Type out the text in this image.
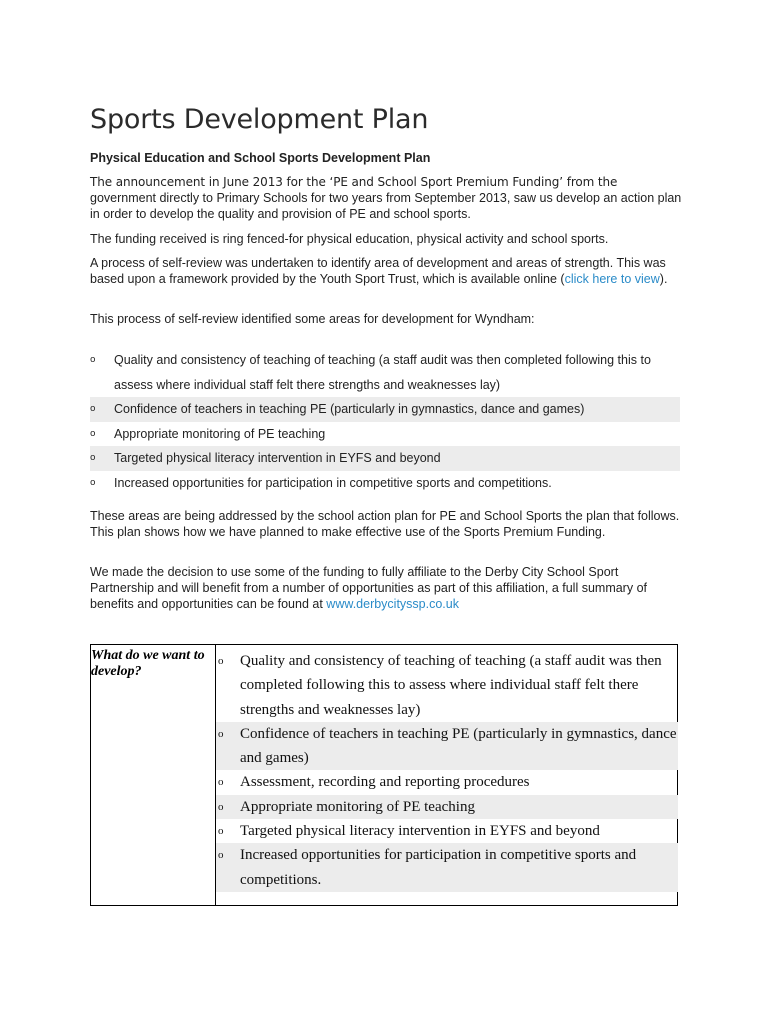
Sports Development Plan
Physical Education and School Sports Development Plan
The announcement in June 2013 for the ‘PE and School Sport Premium Funding’ from the government directly to Primary Schools for two years from September 2013, saw us develop an action plan in order to develop the quality and provision of PE and school sports.
The funding received is ring fenced-for physical education, physical activity and school sports.
A process of self-review was undertaken to identify area of development and areas of strength. This was based upon a framework provided by the Youth Sport Trust, which is available online (click here to view).
This process of self-review identified some areas for development for Wyndham:
o Quality and consistency of teaching of teaching (a staff audit was then completed following this to assess where individual staff felt there strengths and weaknesses lay)
o Confidence of teachers in teaching PE (particularly in gymnastics, dance and games)
o Appropriate monitoring of PE teaching
o Targeted physical literacy intervention in EYFS and beyond
o Increased opportunities for participation in competitive sports and competitions.
These areas are being addressed by the school action plan for PE and School Sports the plan that follows. This plan shows how we have planned to make effective use of the Sports Premium Funding.
We made the decision to use some of the funding to fully affiliate to the Derby City School Sport Partnership and will benefit from a number of opportunities as part of this affiliation, a full summary of benefits and opportunities can be found at www.derbycityssp.co.uk
What do we want to develop?
o Quality and consistency of teaching of teaching (a staff audit was then completed following this to assess where individual staff felt there strengths and weaknesses lay)
o Confidence of teachers in teaching PE (particularly in gymnastics, dance and games)
o Assessment, recording and reporting procedures
o Appropriate monitoring of PE teaching
o Targeted physical literacy intervention in EYFS and beyond
o Increased opportunities for participation in competitive sports and competitions.
